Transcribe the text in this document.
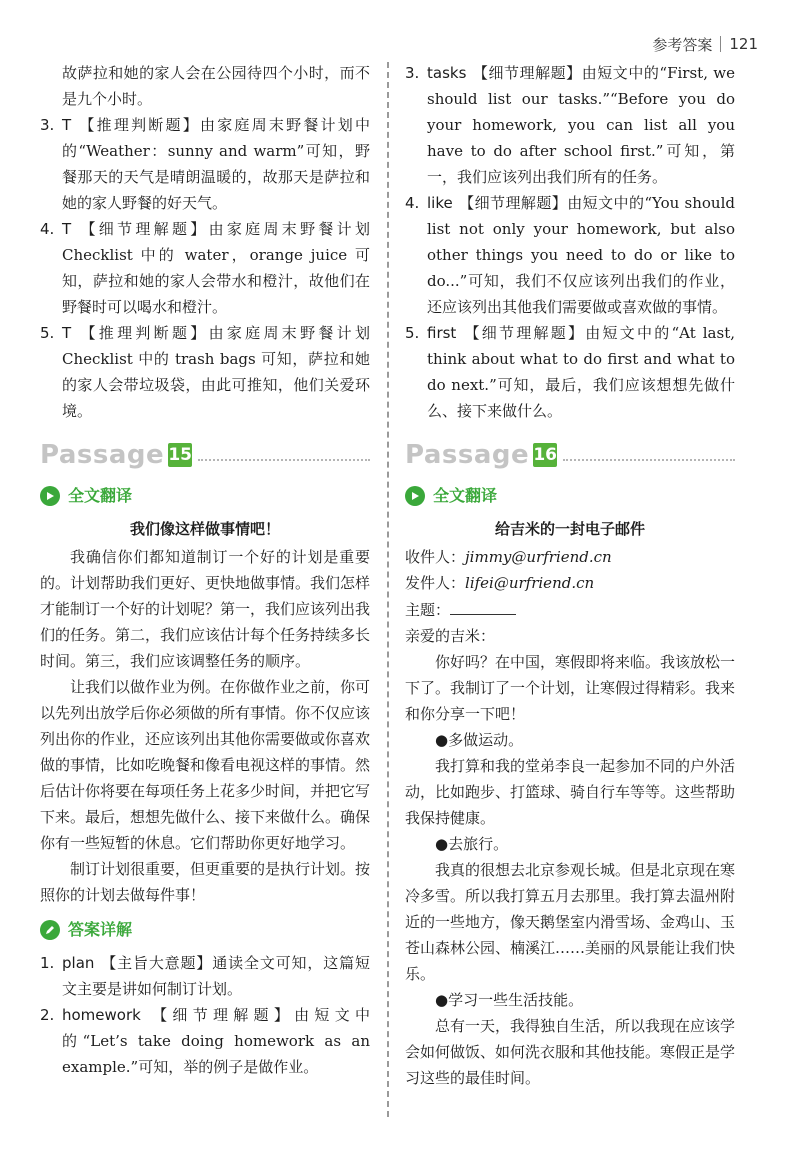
参考答案 121
故萨拉和她的家人会在公园待四个小时，而不是九个小时。
3. T 【推理判断题】由家庭周末野餐计划中的“Weather：sunny and warm”可知，野餐那天的天气是晴朗温暖的，故那天是萨拉和她的家人野餐的好天气。
4. T 【细节理解题】由家庭周末野餐计划Checklist 中的 water，orange juice 可知，萨拉和她的家人会带水和橙汁，故他们在野餐时可以喝水和橙汁。
5. T 【推理判断题】由家庭周末野餐计划Checklist 中的 trash bags 可知，萨拉和她的家人会带垃圾袋，由此可推知，他们关爱环境。
Passage 15
全文翻译
我们像这样做事情吧！

我确信你们都知道制订一个好的计划是重要的。计划帮助我们更好、更快地做事情。我们怎样才能制订一个好的计划呢？第一，我们应该列出我们的任务。第二，我们应该估计每个任务持续多长时间。第三，我们应该调整任务的顺序。

让我们以做作业为例。在你做作业之前，你可以先列出放学后你必须做的所有事情。你不仅应该列出你的作业，还应该列出其他你需要做或你喜欢做的事情，比如吃晚餐和像看电视这样的事情。然后估计你将要在每项任务上花多少时间，并把它写下来。最后，想想先做什么、接下来做什么。确保你有一些短暂的休息。它们帮助你更好地学习。

制订计划很重要，但更重要的是执行计划。按照你的计划去做每件事！

答案详解
1. plan 【主旨大意题】通读全文可知，这篇短文主要是讲如何制订计划。
2. homework 【细节理解题】由短文中的“Let’s take doing homework as an example.”可知，举的例子是做作业。
3. tasks 【细节理解题】由短文中的“First, we should list our tasks.”“Before you do your homework, you can list all you have to do after school first.”可知，第一，我们应该列出我们所有的任务。
4. like 【细节理解题】由短文中的“You should list not only your homework, but also other things you need to do or like to do...”可知，我们不仅应该列出我们的作业，还应该列出其他我们需要做或喜欢做的事情。
5. first 【细节理解题】由短文中的“At last, think about what to do first and what to do next.”可知，最后，我们应该想想先做什么、接下来做什么。
Passage 16
全文翻译
给吉米的一封电子邮件
收件人：jimmy@urfriend.cn
发件人：lifei@urfriend.cn
主题：
亲爱的吉米：

你好吗？在中国，寒假即将来临。我该放松一下了。我制订了一个计划，让寒假过得精彩。我来和你分享一下吧！

●多做运动。

我打算和我的堂弟李良一起参加不同的户外活动，比如跑步、打篮球、骑自行车等等。这些帮助我保持健康。

●去旅行。

我真的很想去北京参观长城。但是北京现在寒冷多雪。所以我打算五月去那里。我打算去温州附近的一些地方，像天鹅堡室内滑雪场、金鸡山、玉苍山森林公园、楠溪江……美丽的风景能让我们快乐。

●学习一些生活技能。

总有一天，我得独自生活，所以我现在应该学会如何做饭、如何洗衣服和其他技能。寒假正是学习这些的最佳时间。
